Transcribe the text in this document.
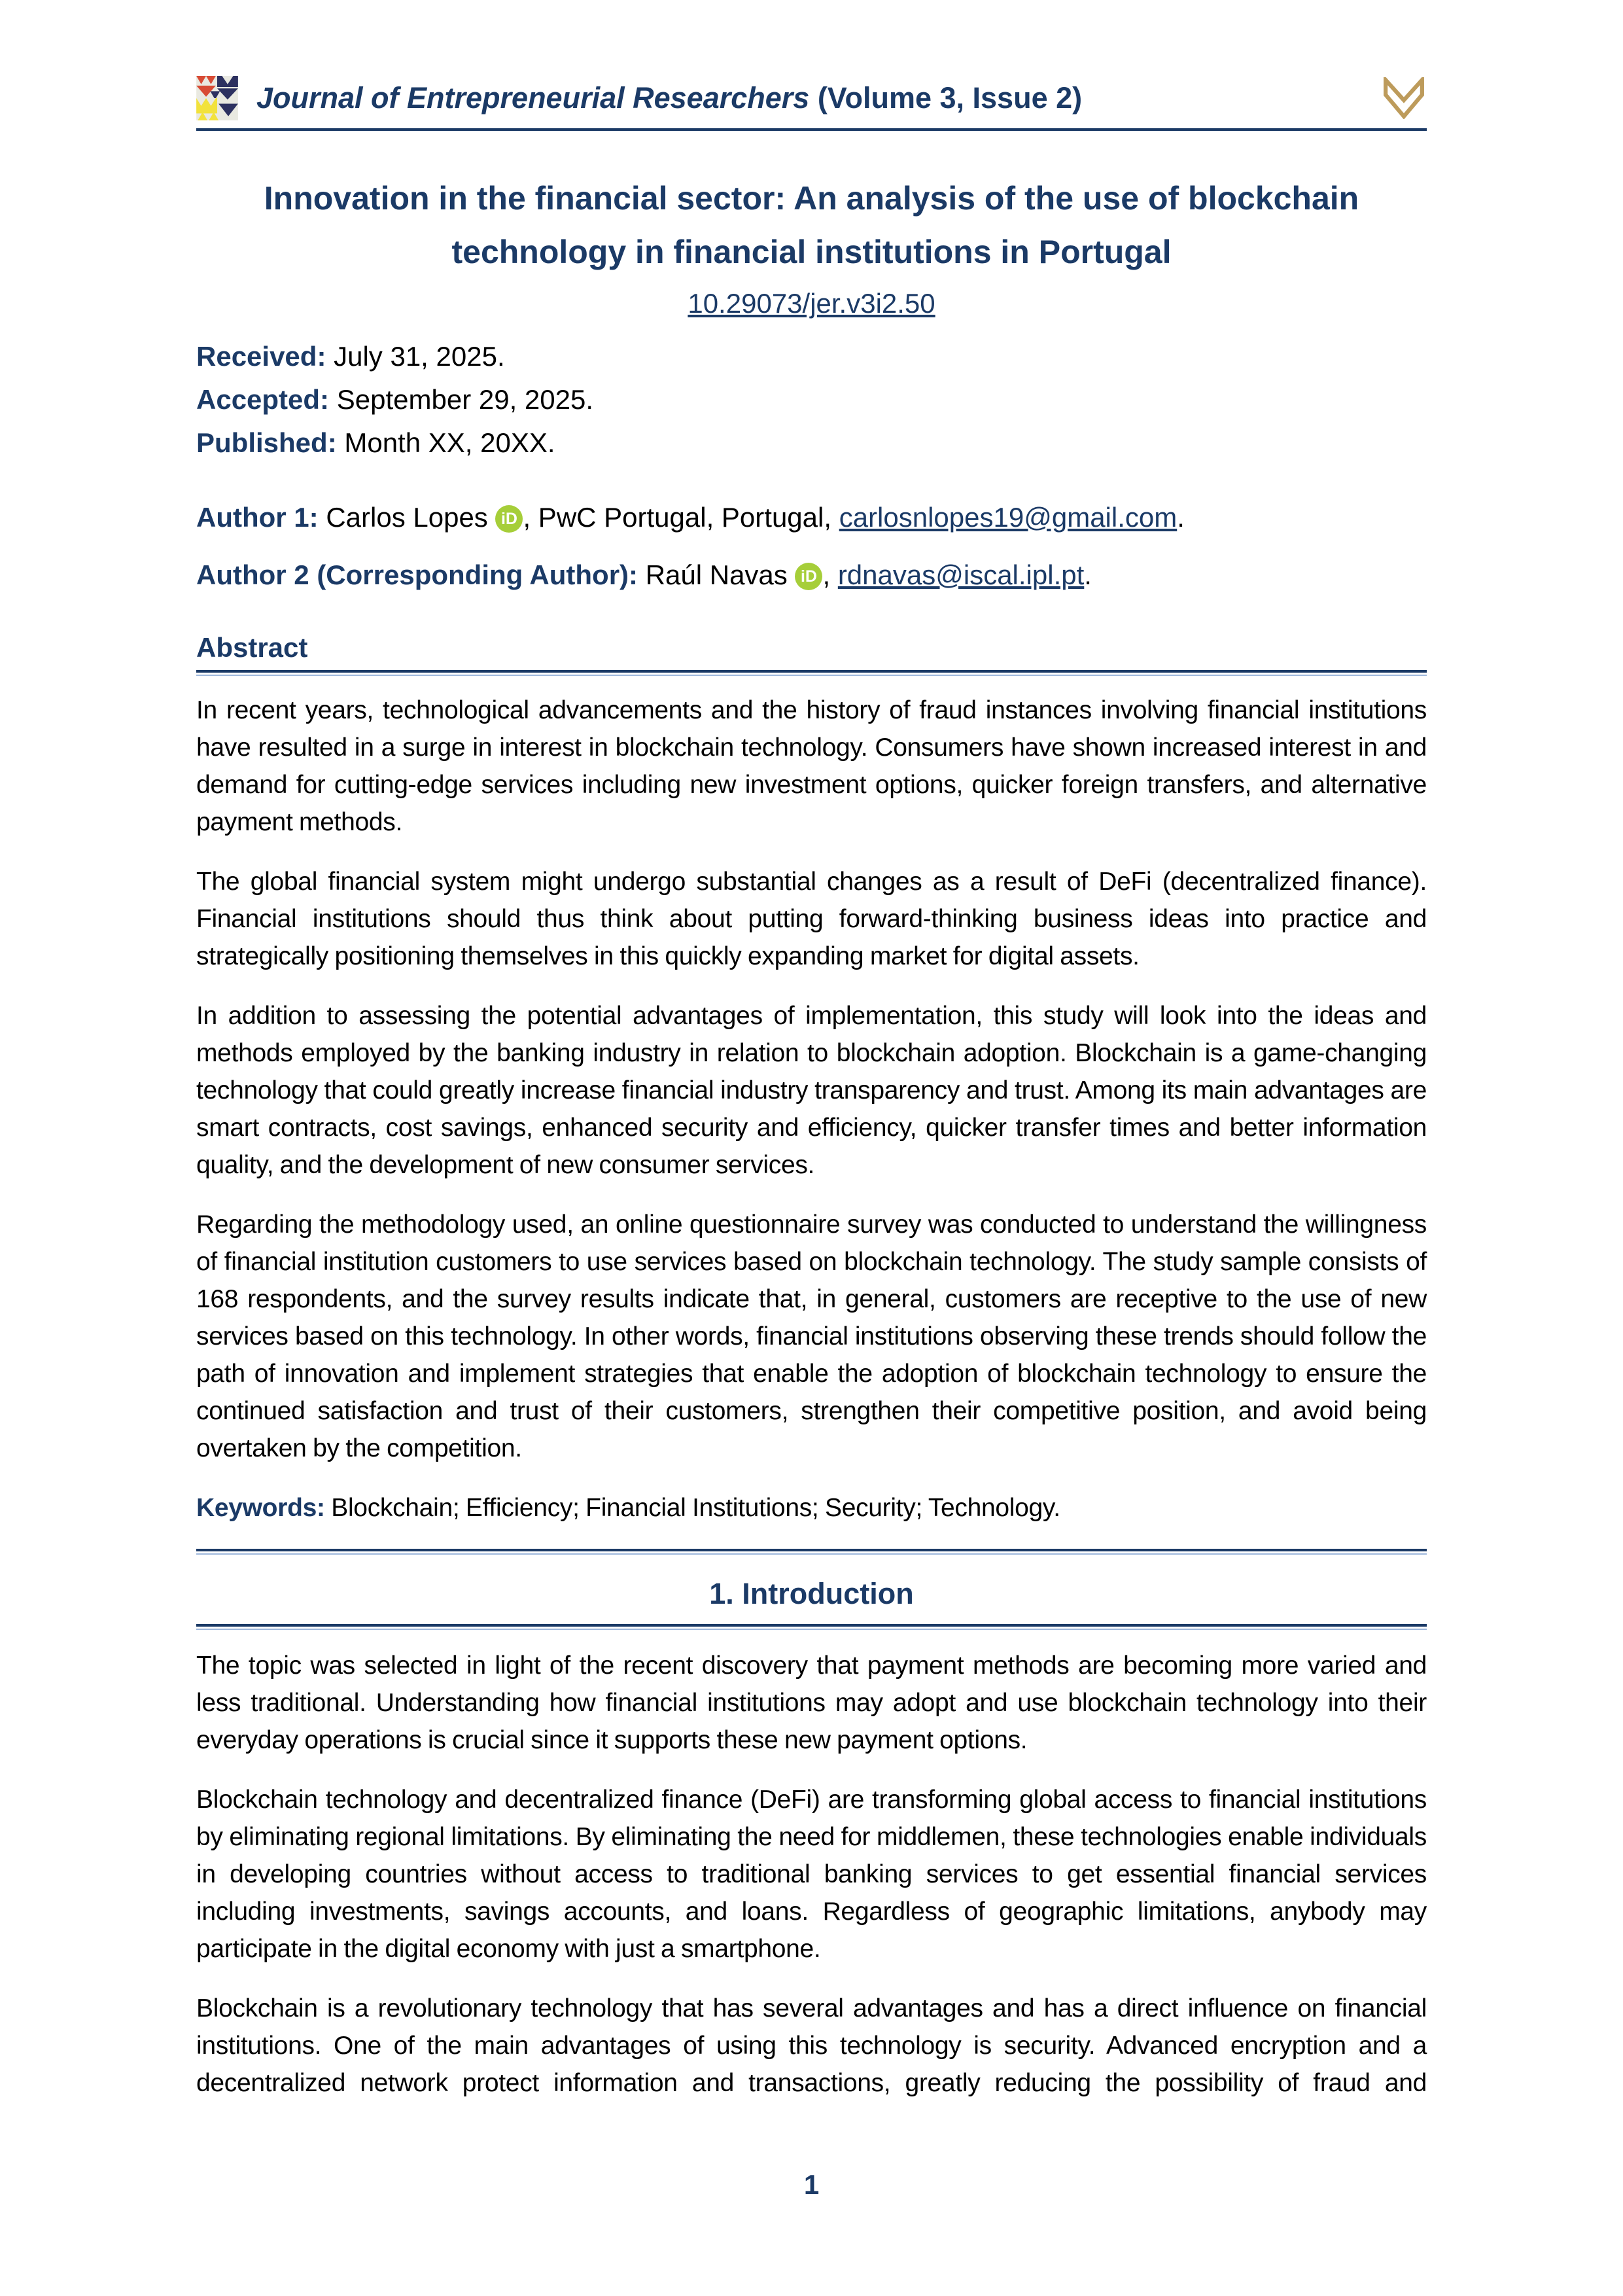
Journal of Entrepreneurial Researchers (Volume 3, Issue 2)
Innovation in the financial sector: An analysis of the use of blockchain technology in financial institutions in Portugal
10.29073/jer.v3i2.50

Received: July 31, 2025.

Accepted: September 29, 2025.

Published: Month XX, 20XX.

Author 1: Carlos Lopes iD , PwC Portugal, Portugal, carlosnlopes19@gmail.com.

Author 2 (Corresponding Author): Raúl Navas iD , rdnavas@iscal.ipl.pt.

Abstract

In recent years, technological advancements and the history of fraud instances involving financial institutions have resulted in a surge in interest in blockchain technology. Consumers have shown increased interest in and demand for cutting-edge services including new investment options, quicker foreign transfers, and alternative payment methods.

The global financial system might undergo substantial changes as a result of DeFi (decentralized finance). Financial institutions should thus think about putting forward-thinking business ideas into practice and strategically positioning themselves in this quickly expanding market for digital assets.

In addition to assessing the potential advantages of implementation, this study will look into the ideas and methods employed by the banking industry in relation to blockchain adoption. Blockchain is a game-changing technology that could greatly increase financial industry transparency and trust. Among its main advantages are smart contracts, cost savings, enhanced security and efficiency, quicker transfer times and better information quality, and the development of new consumer services.

Regarding the methodology used, an online questionnaire survey was conducted to understand the willingness of financial institution customers to use services based on blockchain technology. The study sample consists of 168 respondents, and the survey results indicate that, in general, customers are receptive to the use of new services based on this technology. In other words, financial institutions observing these trends should follow the path of innovation and implement strategies that enable the adoption of blockchain technology to ensure the continued satisfaction and trust of their customers, strengthen their competitive position, and avoid being overtaken by the competition.

Keywords: Blockchain; Efficiency; Financial Institutions; Security; Technology.

1. Introduction

The topic was selected in light of the recent discovery that payment methods are becoming more varied and less traditional. Understanding how financial institutions may adopt and use blockchain technology into their everyday operations is crucial since it supports these new payment options.

Blockchain technology and decentralized finance (DeFi) are transforming global access to financial institutions by eliminating regional limitations. By eliminating the need for middlemen, these technologies enable individuals in developing countries without access to traditional banking services to get essential financial services including investments, savings accounts, and loans. Regardless of geographic limitations, anybody may participate in the digital economy with just a smartphone.

Blockchain is a revolutionary technology that has several advantages and has a direct influence on financial institutions. One of the main advantages of using this technology is security. Advanced encryption and a decentralized network protect information and transactions, greatly reducing the possibility of fraud and

1
